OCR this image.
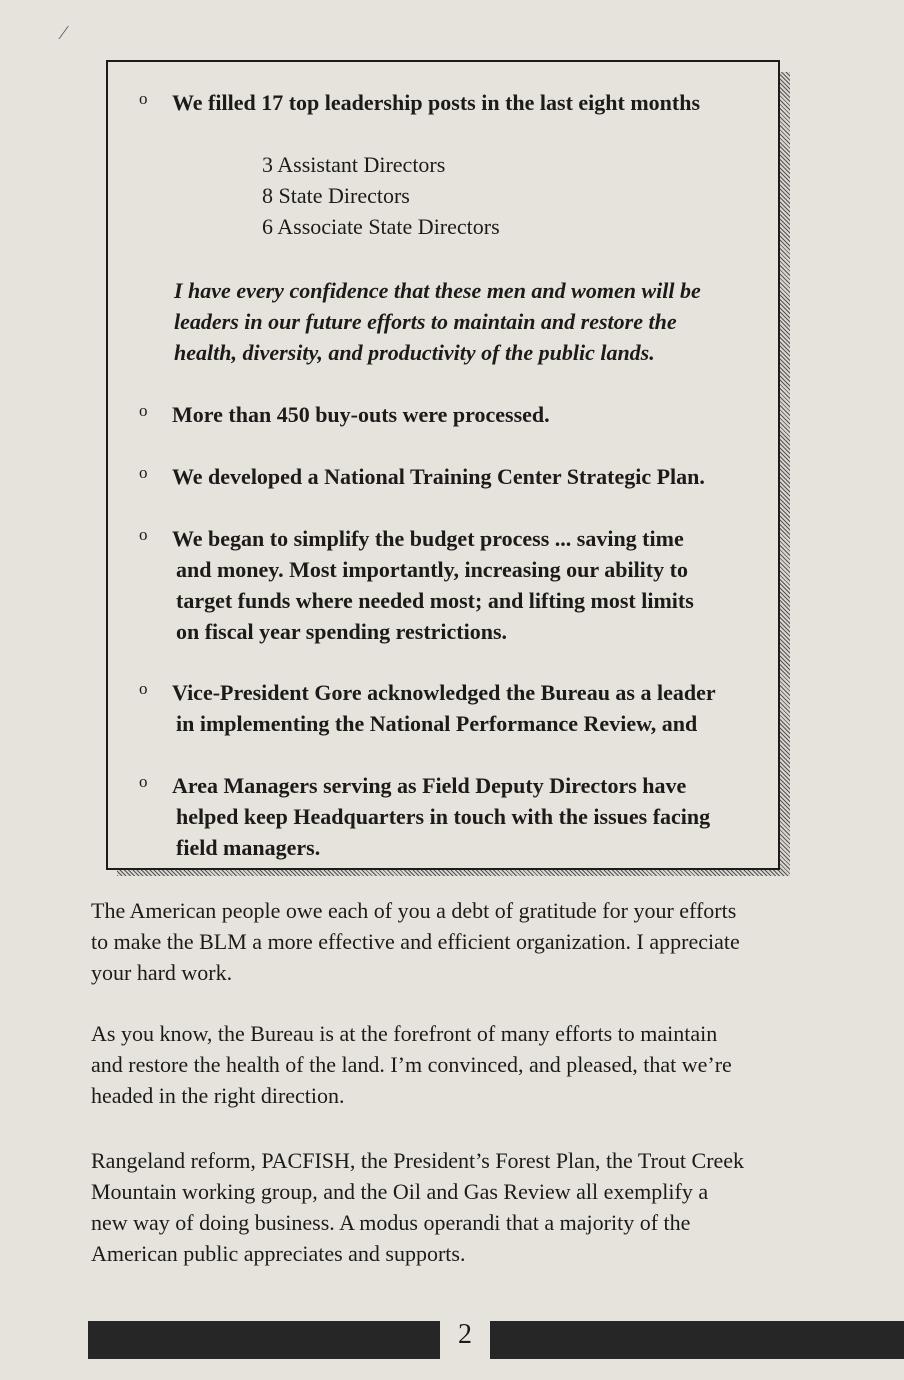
⁄
o We filled 17 top leadership posts in the last eight months
3 Assistant Directors
8 State Directors
6 Associate State Directors
I have every confidence that these men and women will be
leaders in our future efforts to maintain and restore the
health, diversity, and productivity of the public lands.
o More than 450 buy-outs were processed.
o We developed a National Training Center Strategic Plan.
o We began to simplify the budget process ... saving time
and money. Most importantly, increasing our ability to
target funds where needed most; and lifting most limits
on fiscal year spending restrictions.
o Vice-President Gore acknowledged the Bureau as a leader
in implementing the National Performance Review, and
o Area Managers serving as Field Deputy Directors have
helped keep Headquarters in touch with the issues facing
field managers.
The American people owe each of you a debt of gratitude for your efforts
to make the BLM a more effective and efficient organization. I appreciate
your hard work.
As you know, the Bureau is at the forefront of many efforts to maintain
and restore the health of the land. I’m convinced, and pleased, that we’re
headed in the right direction.
Rangeland reform, PACFISH, the President’s Forest Plan, the Trout Creek
Mountain working group, and the Oil and Gas Review all exemplify a
new way of doing business. A modus operandi that a majority of the
American public appreciates and supports.
2
